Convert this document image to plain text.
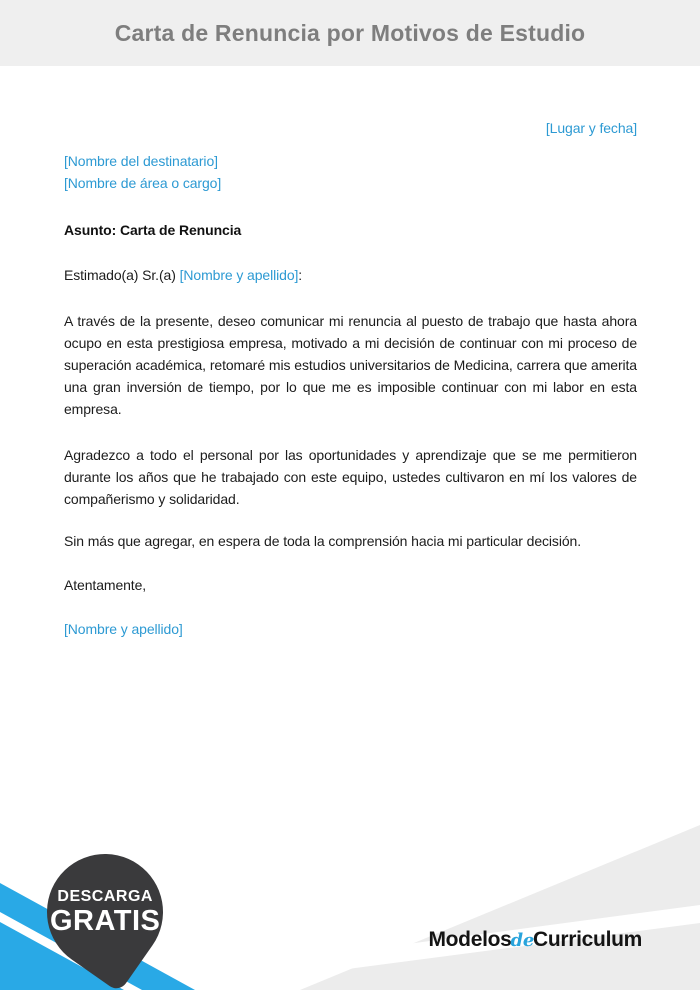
Carta de Renuncia por Motivos de Estudio
[Lugar y fecha]
[Nombre del destinatario]
[Nombre de área o cargo]
Asunto: Carta de Renuncia
Estimado(a) Sr.(a) [Nombre y apellido]:

A través de la presente, deseo comunicar mi renuncia al puesto de trabajo que hasta ahora ocupo en esta prestigiosa empresa, motivado a mi decisión de continuar con mi proceso de superación académica, retomaré mis estudios universitarios de Medicina, carrera que amerita una gran inversión de tiempo, por lo que me es imposible continuar con mi labor en esta empresa.

Agradezco a todo el personal por las oportunidades y aprendizaje que se me permitieron durante los años que he trabajado con este equipo, ustedes cultivaron en mí los valores de compañerismo y solidaridad.

Sin más que agregar, en espera de toda la comprensión hacia mi particular decisión.

Atentamente,
[Nombre y apellido]
DESCARGA
GRATIS
ModelosdeCurriculum
